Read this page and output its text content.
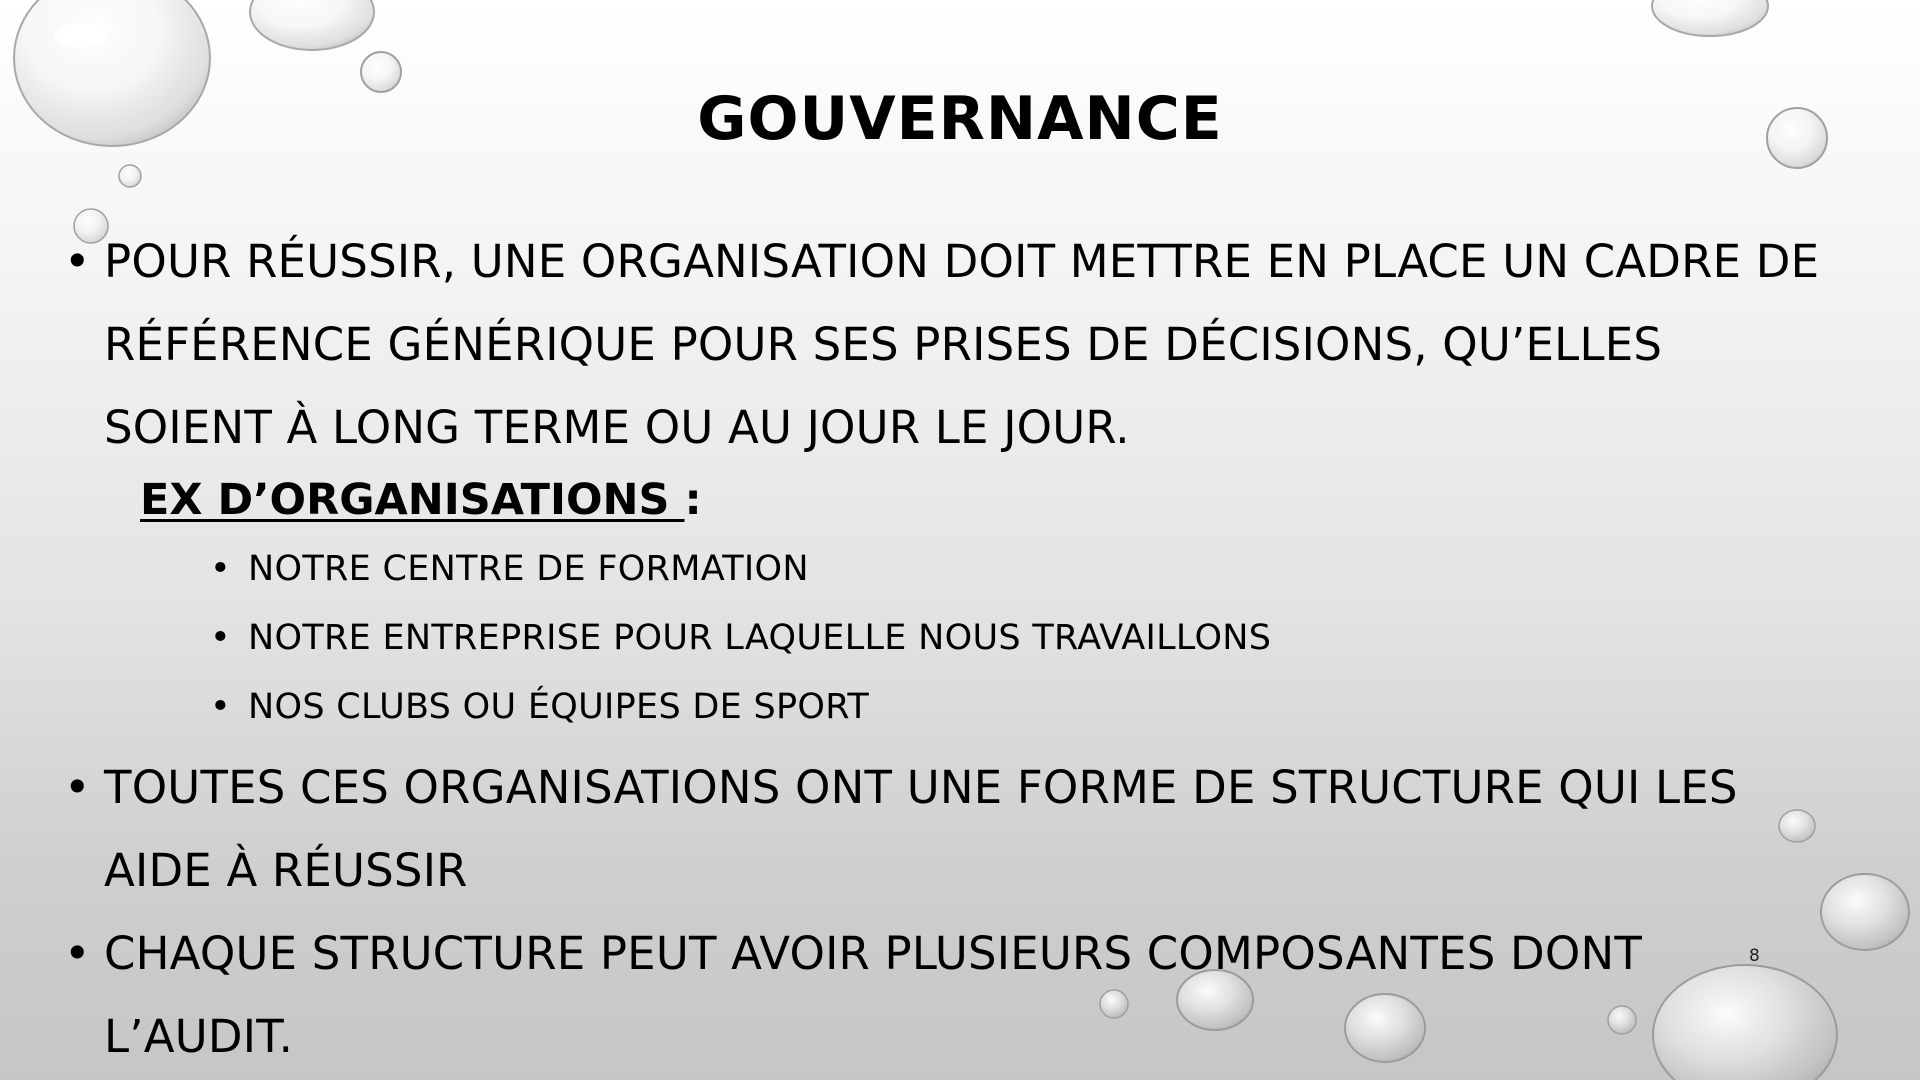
GOUVERNANCE
• POUR RÉUSSIR, UNE ORGANISATION DOIT METTRE EN PLACE UN CADRE DE RÉFÉRENCE GÉNÉRIQUE POUR SES PRISES DE DÉCISIONS, QU’ELLES SOIENT À LONG TERME OU AU JOUR LE JOUR.
EX D’ORGANISATIONS :
• NOTRE CENTRE DE FORMATION
• NOTRE ENTREPRISE POUR LAQUELLE NOUS TRAVAILLONS
• NOS CLUBS OU ÉQUIPES DE SPORT
• TOUTES CES ORGANISATIONS ONT UNE FORME DE STRUCTURE QUI LES AIDE À RÉUSSIR
• CHAQUE STRUCTURE PEUT AVOIR PLUSIEURS COMPOSANTES DONT L’AUDIT.
8
